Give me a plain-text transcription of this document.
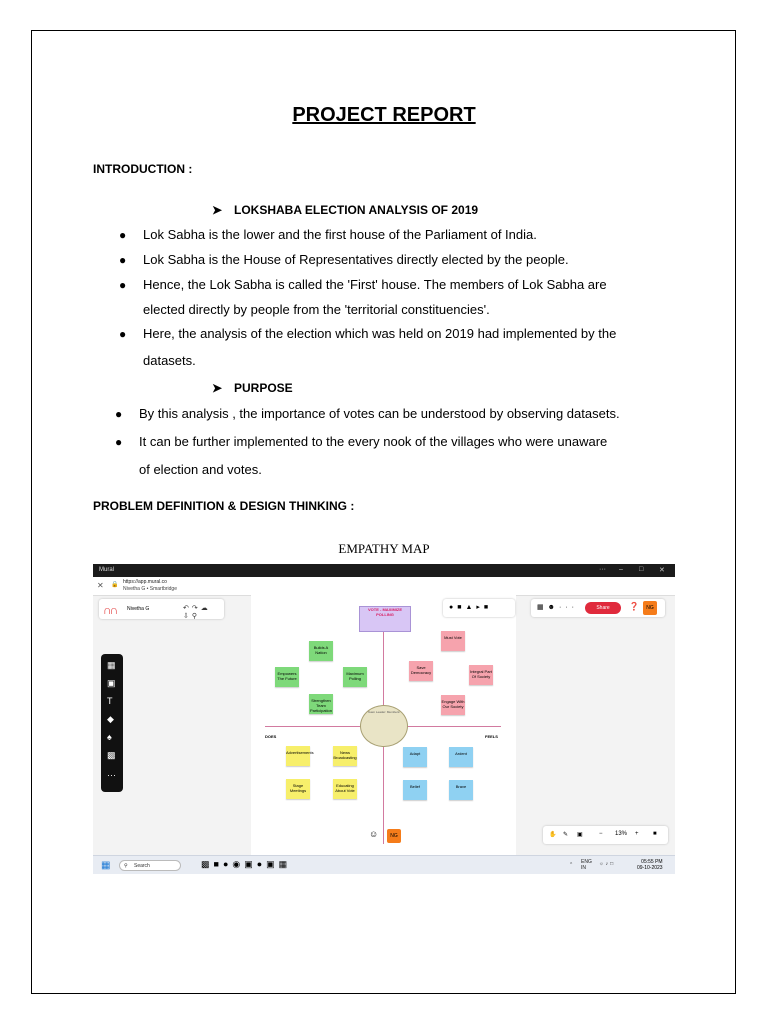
PROJECT REPORT
INTRODUCTION :
➤ LOKSHABA ELECTION ANALYSIS OF 2019
● Lok Sabha is the lower and the first house of the Parliament of India.
● Lok Sabha is the House of Representatives directly elected by the people.
● Hence, the Lok Sabha is called the 'First' house. The members of Lok Sabha are
elected directly by people from the 'territorial constituencies'.
● Here, the analysis of the election which was held on 2019 had implemented by the
datasets.
➤ PURPOSE
● By this analysis , the importance of votes can be understood by observing datasets.
● It can be further implemented to the every nook of the villages who were unaware
of election and votes.
PROBLEM DEFINITION & DESIGN THINKING :
EMPATHY MAP
Mural	··· – □ ✕
✕ 🔒 https://app.mural.co
Nivetha G • Smartbridge
∩∩ Nivetha G	↶↷☁⇩⚲
●■▲▸■	▦☻···	Share	❓	NG
▦
▣
T
◆
♠
▩
···
VOTE - MAXIMIZE POLLING

Team Leader: Members:
DOES	FEELS
Builds A Nation
Empowers The Future
Maximum Polling
Strengthen Team Participation
Must Vote
Save Democracy	Integral Part Of Society
Engage With Our Society
Advertisements	News Broadcasting
Stage Meetings
Educating About Vote
Adapt	Ardent
Belief	Brave
☺	NG	✋ ✎ ▣	− 13% + ■
▦	⚲ Search	▩■●◉▣●▣▦	⌃ ENG
IN
☼♪□	05:55 PM
09-10-2023
